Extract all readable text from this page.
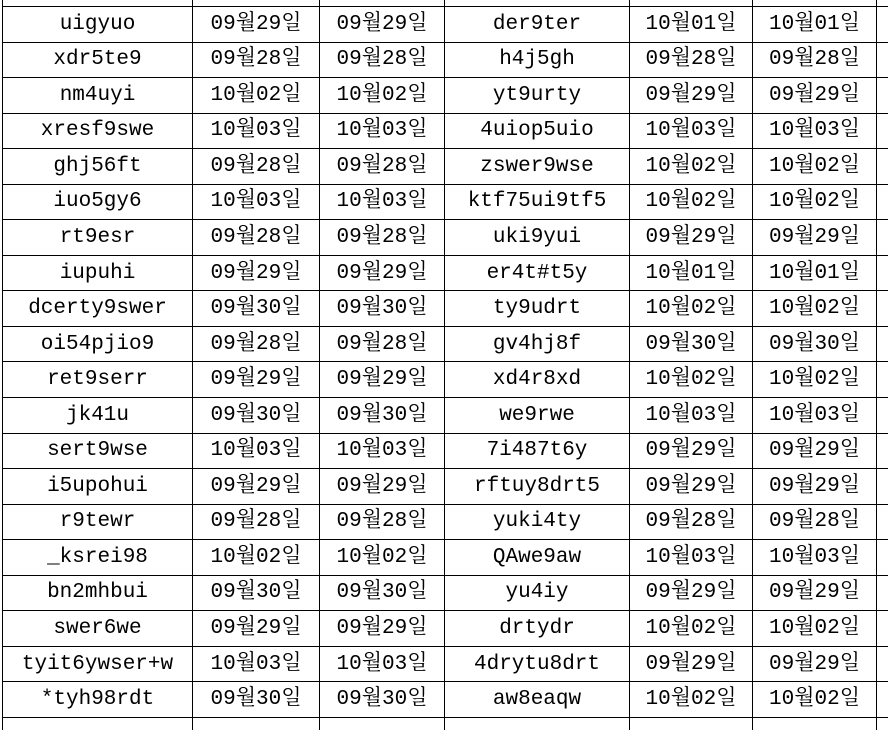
uigyuo	09월29일	09월29일	der9ter	10월01일	10월01일
xdr5te9	09월28일	09월28일	h4j5gh	09월28일	09월28일
nm4uyi	10월02일	10월02일	yt9urty	09월29일	09월29일
xresf9swe	10월03일	10월03일	4uiop5uio	10월03일	10월03일
ghj56ft	09월28일	09월28일	zswer9wse	10월02일	10월02일
iuo5gy6	10월03일	10월03일	ktf75ui9tf5	10월02일	10월02일
rt9esr	09월28일	09월28일	uki9yui	09월29일	09월29일
iupuhi	09월29일	09월29일	er4t#t5y	10월01일	10월01일
dcerty9swer	09월30일	09월30일	ty9udrt	10월02일	10월02일
oi54pjio9	09월28일	09월28일	gv4hj8f	09월30일	09월30일
ret9serr	09월29일	09월29일	xd4r8xd	10월02일	10월02일
jk41u	09월30일	09월30일	we9rwe	10월03일	10월03일
sert9wse	10월03일	10월03일	7i487t6y	09월29일	09월29일
i5upohui	09월29일	09월29일	rftuy8drt5	09월29일	09월29일
r9tewr	09월28일	09월28일	yuki4ty	09월28일	09월28일
_ksrei98	10월02일	10월02일	QAwe9aw	10월03일	10월03일
bn2mhbui	09월30일	09월30일	yu4iy	09월29일	09월29일
swer6we	09월29일	09월29일	drtydr	10월02일	10월02일
tyit6ywser+w	10월03일	10월03일	4drytu8drt	09월29일	09월29일
*tyh98rdt	09월30일	09월30일	aw8eaqw	10월02일	10월02일
